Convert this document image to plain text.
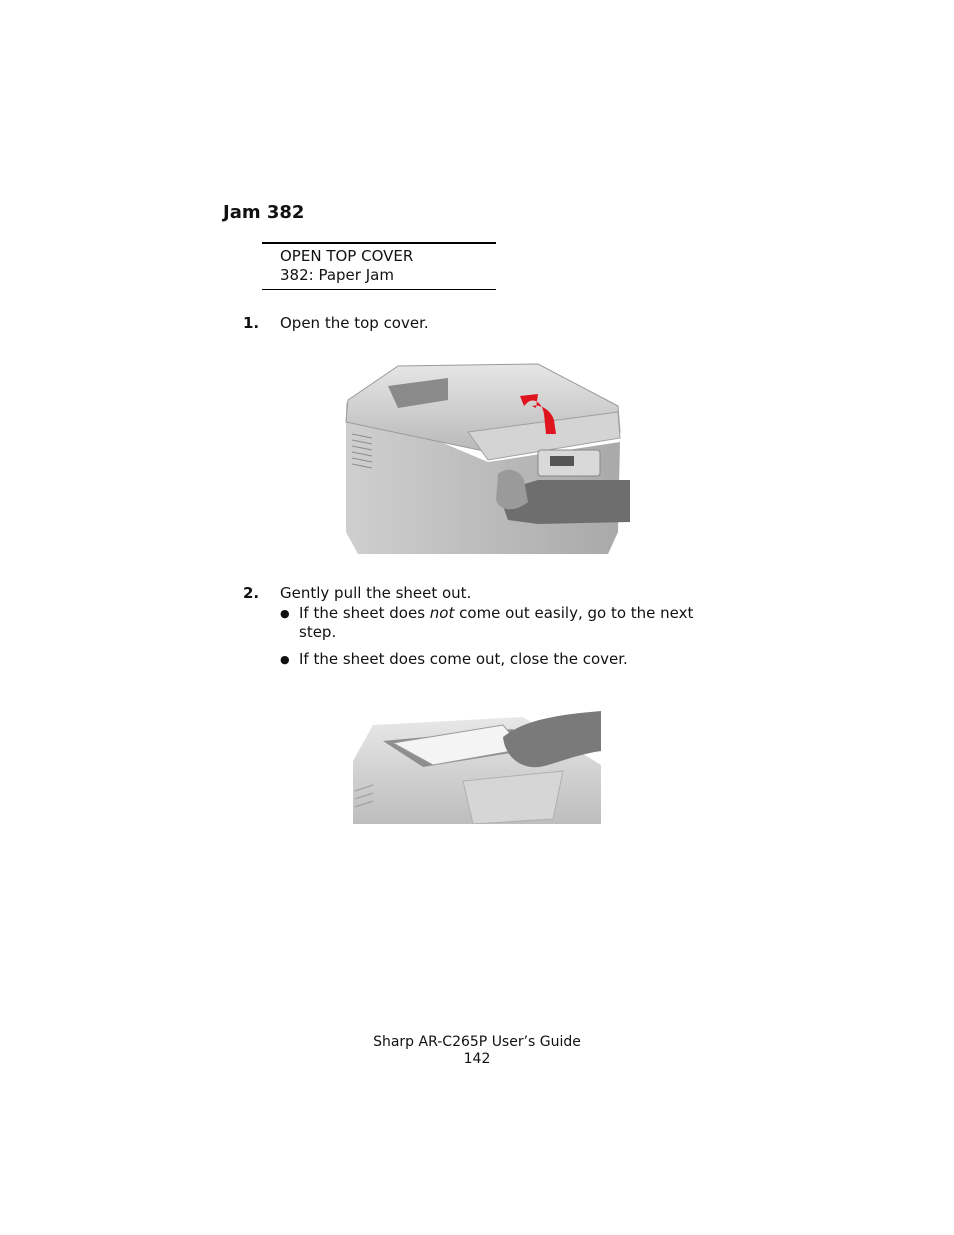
Jam 382
OPEN TOP COVER
382: Paper Jam
1. Open the top cover.
2. Gently pull the sheet out.
● If the sheet does not come out easily, go to the next step.
● If the sheet does come out, close the cover.
Sharp AR-C265P User’s Guide
142
